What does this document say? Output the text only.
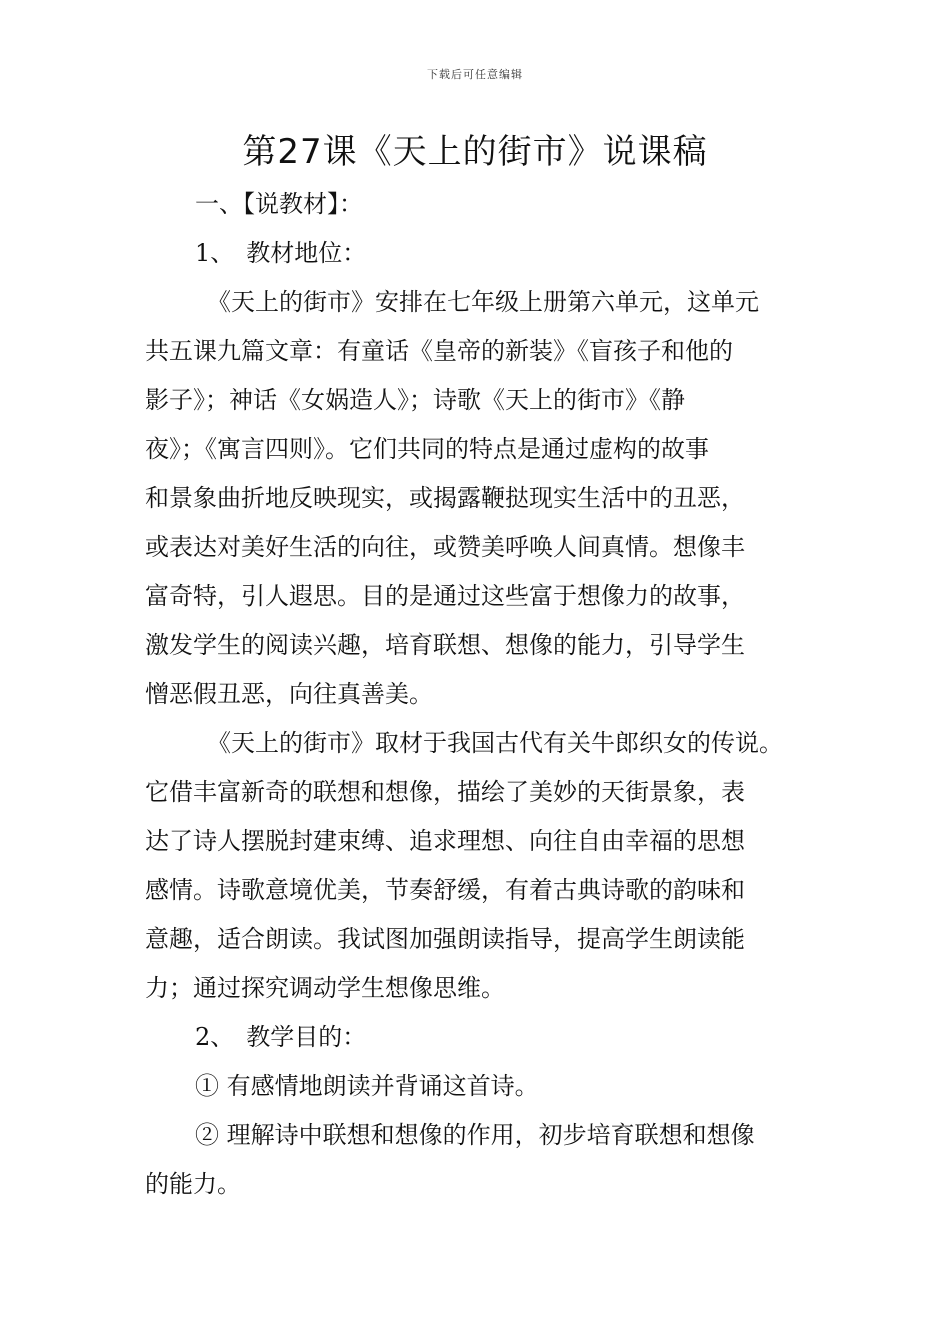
下载后可任意编辑
第27课《天上的街市》说课稿

一、【说教材】：

1、　教材地位：

《天上的街市》安排在七年级上册第六单元，这单元

共五课九篇文章：有童话《皇帝的新装》《盲孩子和他的

影子》；神话《女娲造人》；诗歌《天上的街市》《静

夜》；《寓言四则》。它们共同的特点是通过虚构的故事

和景象曲折地反映现实，或揭露鞭挞现实生活中的丑恶，

或表达对美好生活的向往，或赞美呼唤人间真情。想像丰

富奇特，引人遐思。目的是通过这些富于想像力的故事，

激发学生的阅读兴趣，培育联想、想像的能力，引导学生

憎恶假丑恶，向往真善美。

《天上的街市》取材于我国古代有关牛郎织女的传说。

它借丰富新奇的联想和想像，描绘了美妙的天街景象，表

达了诗人摆脱封建束缚、追求理想、向往自由幸福的思想

感情。诗歌意境优美，节奏舒缓，有着古典诗歌的韵味和

意趣，适合朗读。我试图加强朗读指导，提高学生朗读能

力；通过探究调动学生想像思维。

2、　教学目的：

① 有感情地朗读并背诵这首诗。

② 理解诗中联想和想像的作用，初步培育联想和想像

的能力。
